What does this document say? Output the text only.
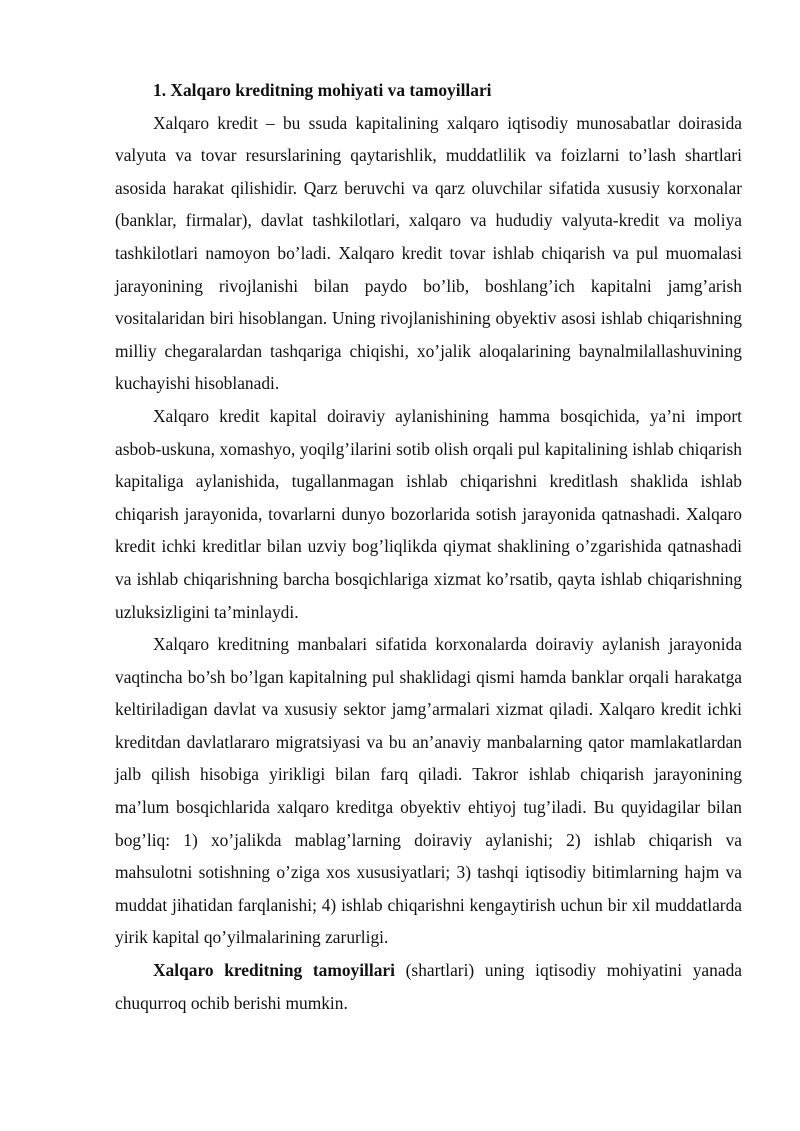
1. Xalqaro kreditning mohiyati va tamoyillari

Xalqaro kredit – bu ssuda kapitalining xalqaro iqtisodiy munosabatlar doirasida valyuta va tovar resurslarining qaytarishlik, muddatlilik va foizlarni to’lash shartlari asosida harakat qilishidir. Qarz beruvchi va qarz oluvchilar sifatida xususiy korxonalar (banklar, firmalar), davlat tashkilotlari, xalqaro va hududiy valyuta-kredit va moliya tashkilotlari namoyon bo’ladi. Xalqaro kredit tovar ishlab chiqarish va pul muomalasi jarayonining rivojlanishi bilan paydo bo’lib, boshlang’ich kapitalni jamg’arish vositalaridan biri hisoblangan. Uning rivojlanishining obyektiv asosi ishlab chiqarishning milliy chegaralardan tashqariga chiqishi, xo’jalik aloqalarining baynalmilallashuvining kuchayishi hisoblanadi.

Xalqaro kredit kapital doiraviy aylanishining hamma bosqichida, ya’ni import asbob-uskuna, xomashyo, yoqilg’ilarini sotib olish orqali pul kapitalining ishlab chiqarish kapitaliga aylanishida, tugallanmagan ishlab chiqarishni kreditlash shaklida ishlab chiqarish jarayonida, tovarlarni dunyo bozorlarida sotish jarayonida qatnashadi. Xalqaro kredit ichki kreditlar bilan uzviy bog’liqlikda qiymat shaklining o’zgarishida qatnashadi va ishlab chiqarishning barcha bosqichlariga xizmat ko’rsatib, qayta ishlab chiqarishning uzluksizligini ta’minlaydi.

Xalqaro kreditning manbalari sifatida korxonalarda doiraviy aylanish jarayonida vaqtincha bo’sh bo’lgan kapitalning pul shaklidagi qismi hamda banklar orqali harakatga keltiriladigan davlat va xususiy sektor jamg’armalari xizmat qiladi. Xalqaro kredit ichki kreditdan davlatlararo migratsiyasi va bu an’anaviy manbalarning qator mamlakatlardan jalb qilish hisobiga yirikligi bilan farq qiladi. Takror ishlab chiqarish jarayonining ma’lum bosqichlarida xalqaro kreditga obyektiv ehtiyoj tug’iladi. Bu quyidagilar bilan bog’liq: 1) xo’jalikda mablag’larning doiraviy aylanishi; 2) ishlab chiqarish va mahsulotni sotishning o’ziga xos xususiyatlari; 3) tashqi iqtisodiy bitimlarning hajm va muddat jihatidan farqlanishi; 4) ishlab chiqarishni kengaytirish uchun bir xil muddatlarda yirik kapital qo’yilmalarining zarurligi.

Xalqaro kreditning tamoyillari (shartlari) uning iqtisodiy mohiyatini yanada chuqurroq ochib berishi mumkin.
